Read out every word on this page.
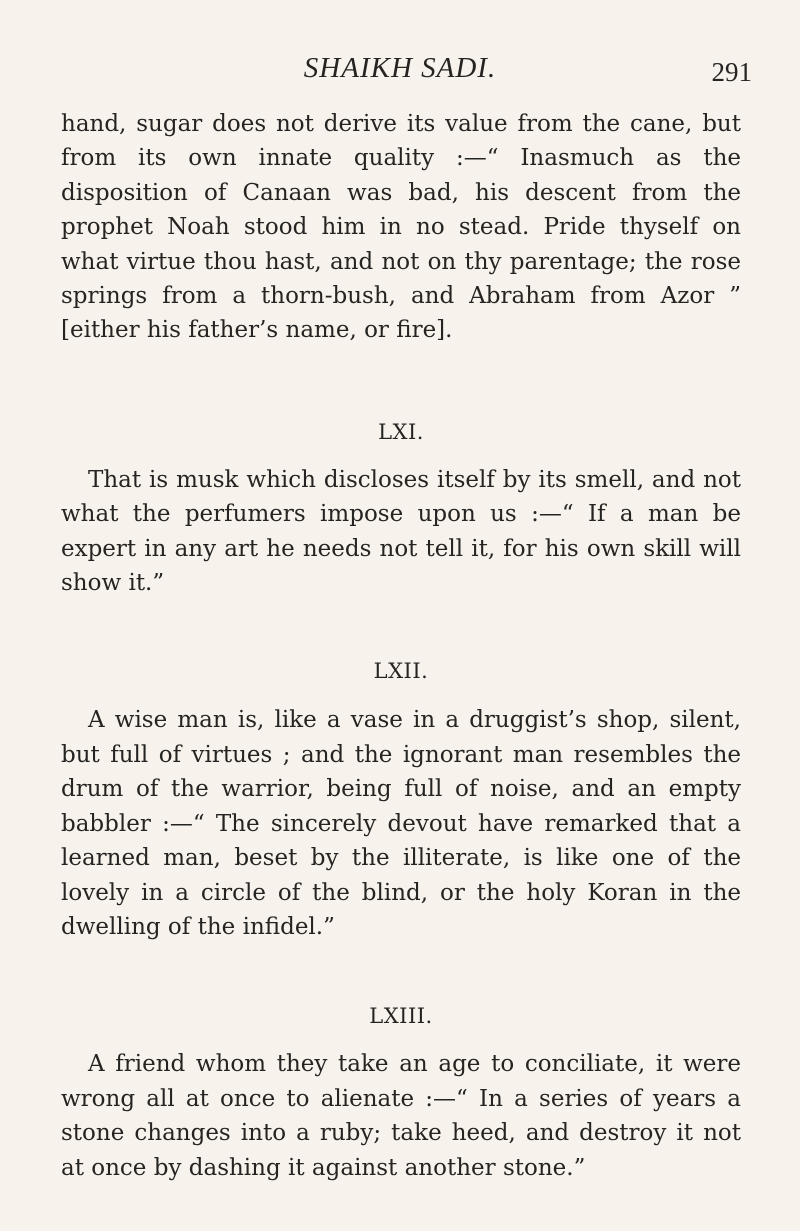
SHAIKH SADI.	291

hand, sugar does not derive its value from the cane, but from its own innate quality :—“ Inasmuch as the disposition of Canaan was bad, his descent from the prophet Noah stood him in no stead. Pride thyself on what virtue thou hast, and not on thy parentage; the rose springs from a thorn-bush, and Abraham from Azor ” [either his father’s name, or fire].

LXI.

That is musk which discloses itself by its smell, and not what the perfumers impose upon us :—“ If a man be expert in any art he needs not tell it, for his own skill will show it.”

LXII.

A wise man is, like a vase in a druggist’s shop, silent, but full of virtues ; and the ignorant man resembles the drum of the warrior, being full of noise, and an empty babbler :—“ The sincerely devout have remarked that a learned man, beset by the illiterate, is like one of the lovely in a circle of the blind, or the holy Koran in the dwelling of the infidel.”

LXIII.

A friend whom they take an age to conciliate, it were wrong all at once to alienate :—“ In a series of years a stone changes into a ruby; take heed, and destroy it not at once by dashing it against another stone.”
